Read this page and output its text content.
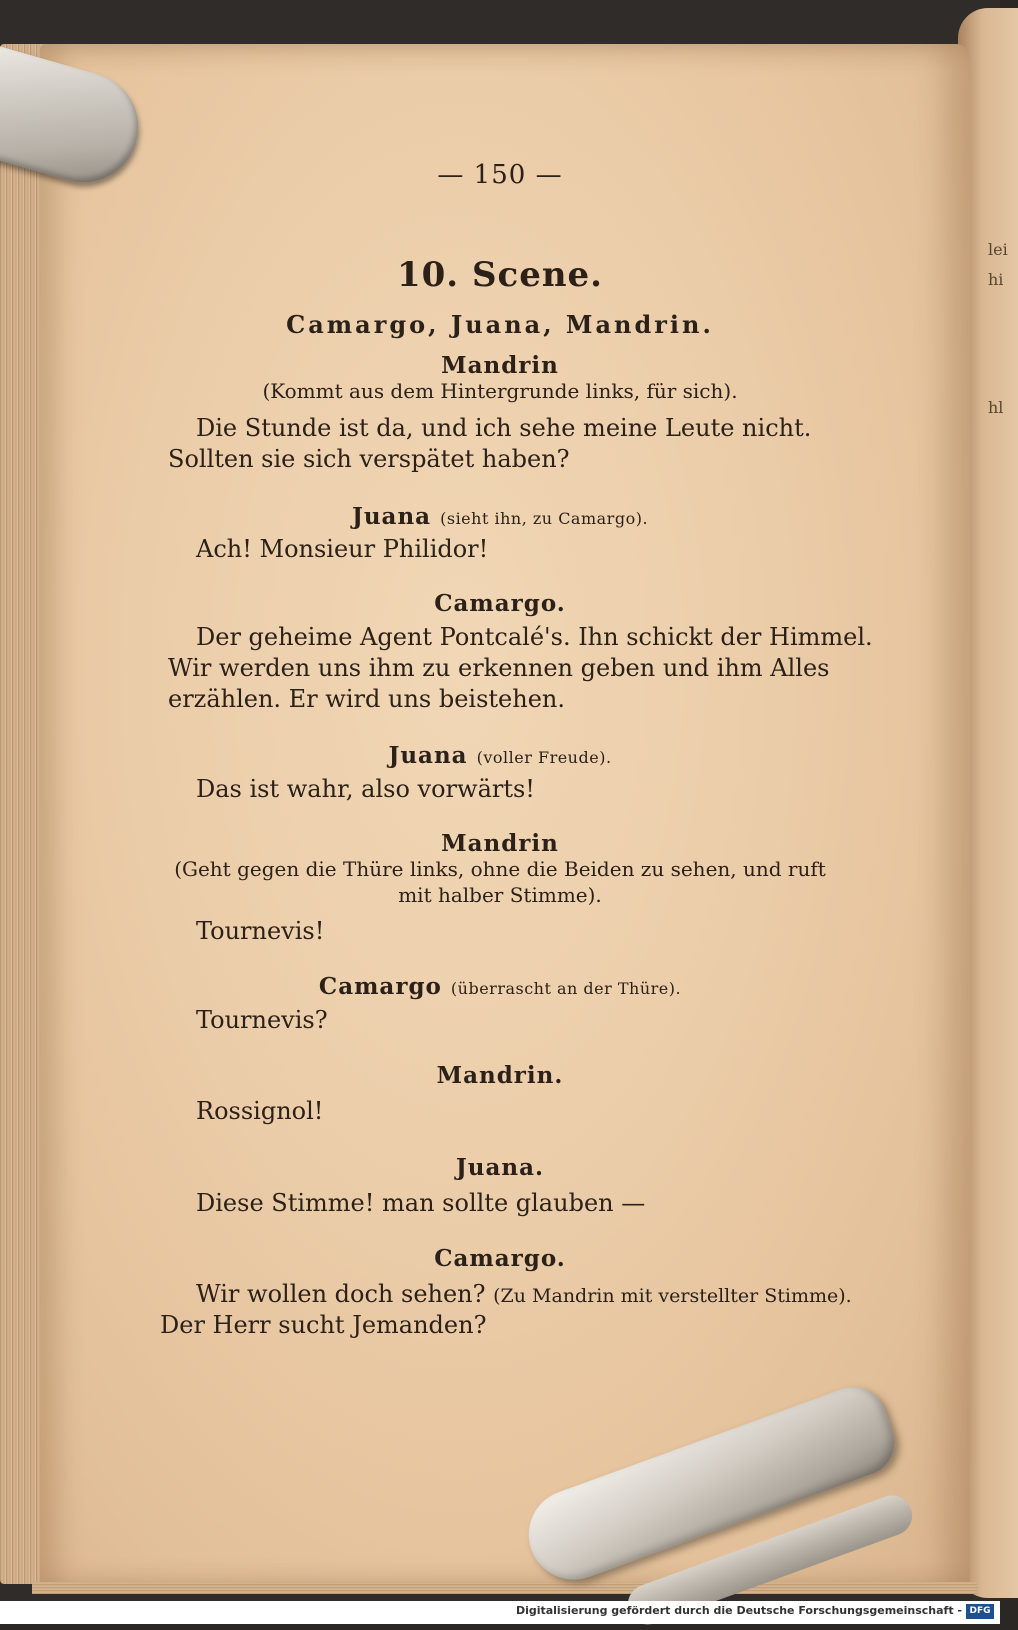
lei
hi
hl
— 150 —
10. Scene.
Camargo, Juana, Mandrin.
Mandrin
(Kommt aus dem Hintergrunde links, für sich).
Die Stunde ist da, und ich sehe meine Leute nicht.
Sollten sie sich verspätet haben?
Juana (sieht ihn, zu Camargo).
Ach! Monsieur Philidor!
Camargo.
Der geheime Agent Pontcalé's. Ihn schickt der Himmel.
Wir werden uns ihm zu erkennen geben und ihm Alles
erzählen. Er wird uns beistehen.
Juana (voller Freude).
Das ist wahr, also vorwärts!
Mandrin
(Geht gegen die Thüre links, ohne die Beiden zu sehen, und ruft
mit halber Stimme).
Tournevis!
Camargo (überrascht an der Thüre).
Tournevis?
Mandrin.
Rossignol!
Juana.
Diese Stimme! man sollte glauben —
Camargo.
Wir wollen doch sehen? (Zu Mandrin mit verstellter Stimme).
Der Herr sucht Jemanden?
Digitalisierung gefördert durch die Deutsche Forschungsgemeinschaft - DFG
